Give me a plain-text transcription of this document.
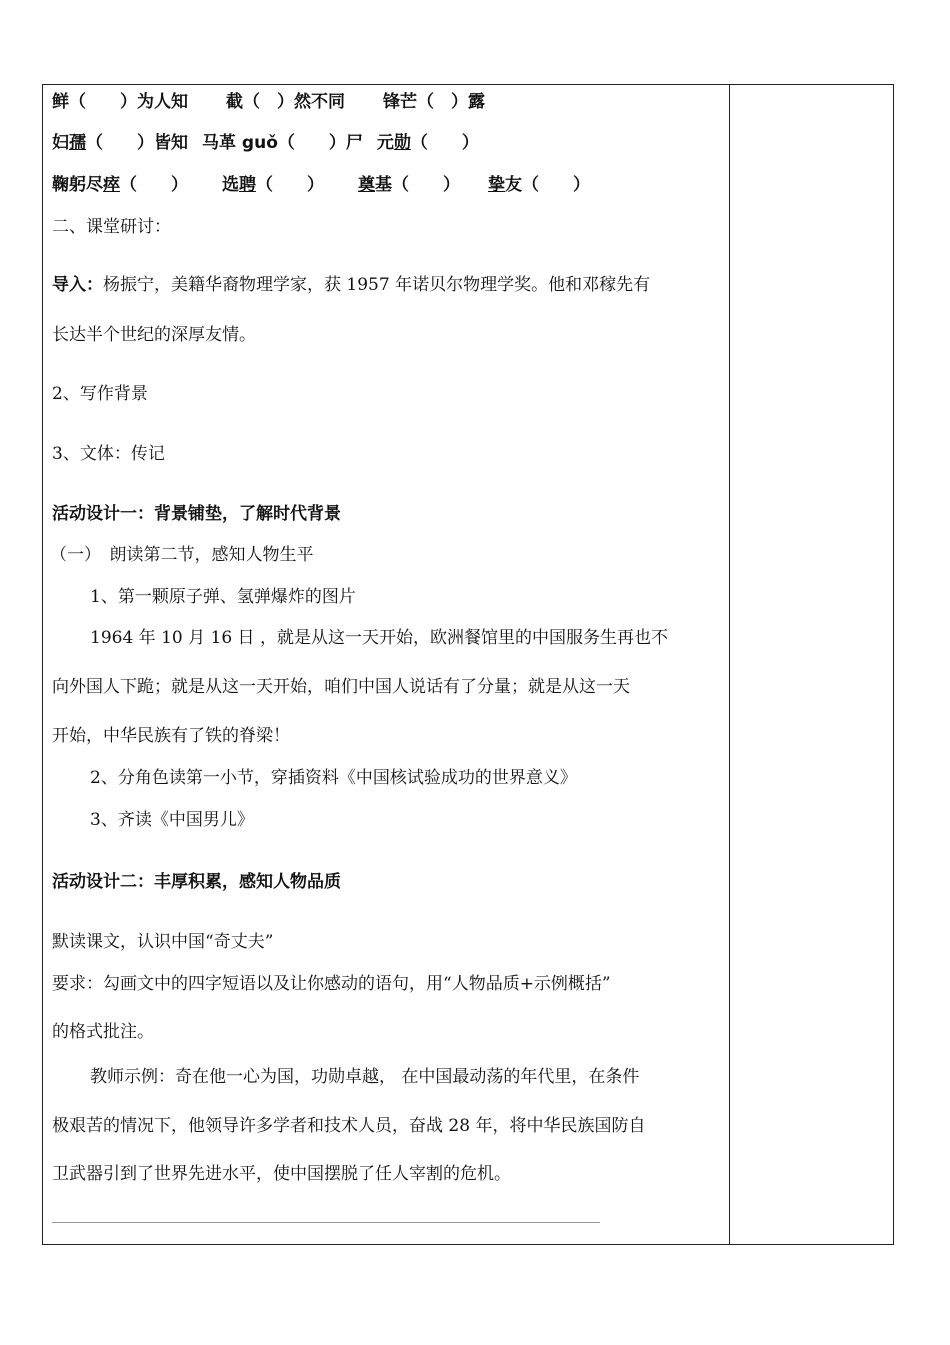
鲜（　　）为人知 截（　）然不同 锋芒（　）露
妇孺（　　）皆知 马革 guǒ（　　）尸 元勋（　　）
鞠躬尽瘁（　　） 选聘（　　） 奠基（　　） 挚友（　　）
二、课堂研讨：
导入：杨振宁，美籍华裔物理学家，获 1957 年诺贝尔物理学奖。他和邓稼先有
长达半个世纪的深厚友情。
2、写作背景
3、文体：传记
活动设计一：背景铺垫，了解时代背景
（一）　朗读第二节，感知人物生平
1、第一颗原子弹、氢弹爆炸的图片
1964 年 10 月 16 日 ，就是从这一天开始，欧洲餐馆里的中国服务生再也不
向外国人下跪；就是从这一天开始，咱们中国人说话有了分量；就是从这一天
开始，中华民族有了铁的脊梁！
2、分角色读第一小节，穿插资料《中国核试验成功的世界意义》
3、齐读《中国男儿》
活动设计二：丰厚积累，感知人物品质
默读课文，认识中国“奇丈夫”
要求：勾画文中的四字短语以及让你感动的语句，用“人物品质+示例概括”
的格式批注。
教师示例：奇在他一心为国，功勋卓越， 在中国最动荡的年代里，在条件
极艰苦的情况下，他领导许多学者和技术人员，奋战 28 年，将中华民族国防自
卫武器引到了世界先进水平，使中国摆脱了任人宰割的危机。
